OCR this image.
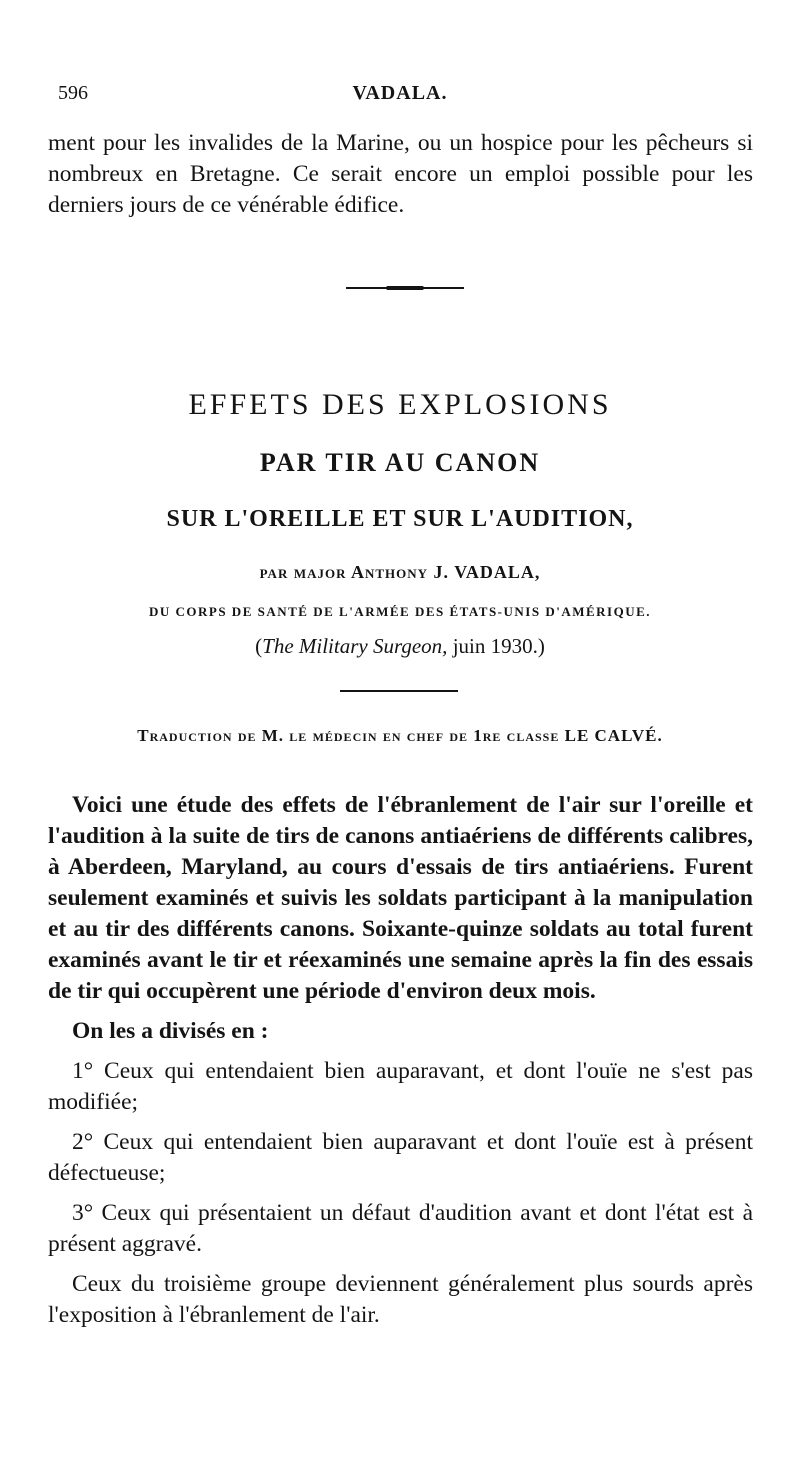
596	VADALA.

ment pour les invalides de la Marine, ou un hospice pour les pêcheurs si nombreux en Bretagne. Ce serait encore un emploi possible pour les derniers jours de ce vénérable édifice.

EFFETS DES EXPLOSIONS
PAR TIR AU CANON
SUR L'OREILLE ET SUR L'AUDITION,
par major Anthony J. VADALA,
DU CORPS DE SANTÉ DE L'ARMÉE DES ÉTATS-UNIS D'AMÉRIQUE.
(The Military Surgeon, juin 1930.)
Traduction de M. le médecin en chef de 1re classe LE CALVÉ.

Voici une étude des effets de l'ébranlement de l'air sur l'oreille et l'audition à la suite de tirs de canons antiaériens de différents calibres, à Aberdeen, Maryland, au cours d'essais de tirs antiaériens. Furent seulement examinés et suivis les soldats participant à la manipulation et au tir des différents canons. Soixante-quinze soldats au total furent examinés avant le tir et réexaminés une semaine après la fin des essais de tir qui occupèrent une période d'environ deux mois.

On les a divisés en :

1° Ceux qui entendaient bien auparavant, et dont l'ouïe ne s'est pas modifiée;

2° Ceux qui entendaient bien auparavant et dont l'ouïe est à présent défectueuse;

3° Ceux qui présentaient un défaut d'audition avant et dont l'état est à présent aggravé.

Ceux du troisième groupe deviennent généralement plus sourds après l'exposition à l'ébranlement de l'air.
